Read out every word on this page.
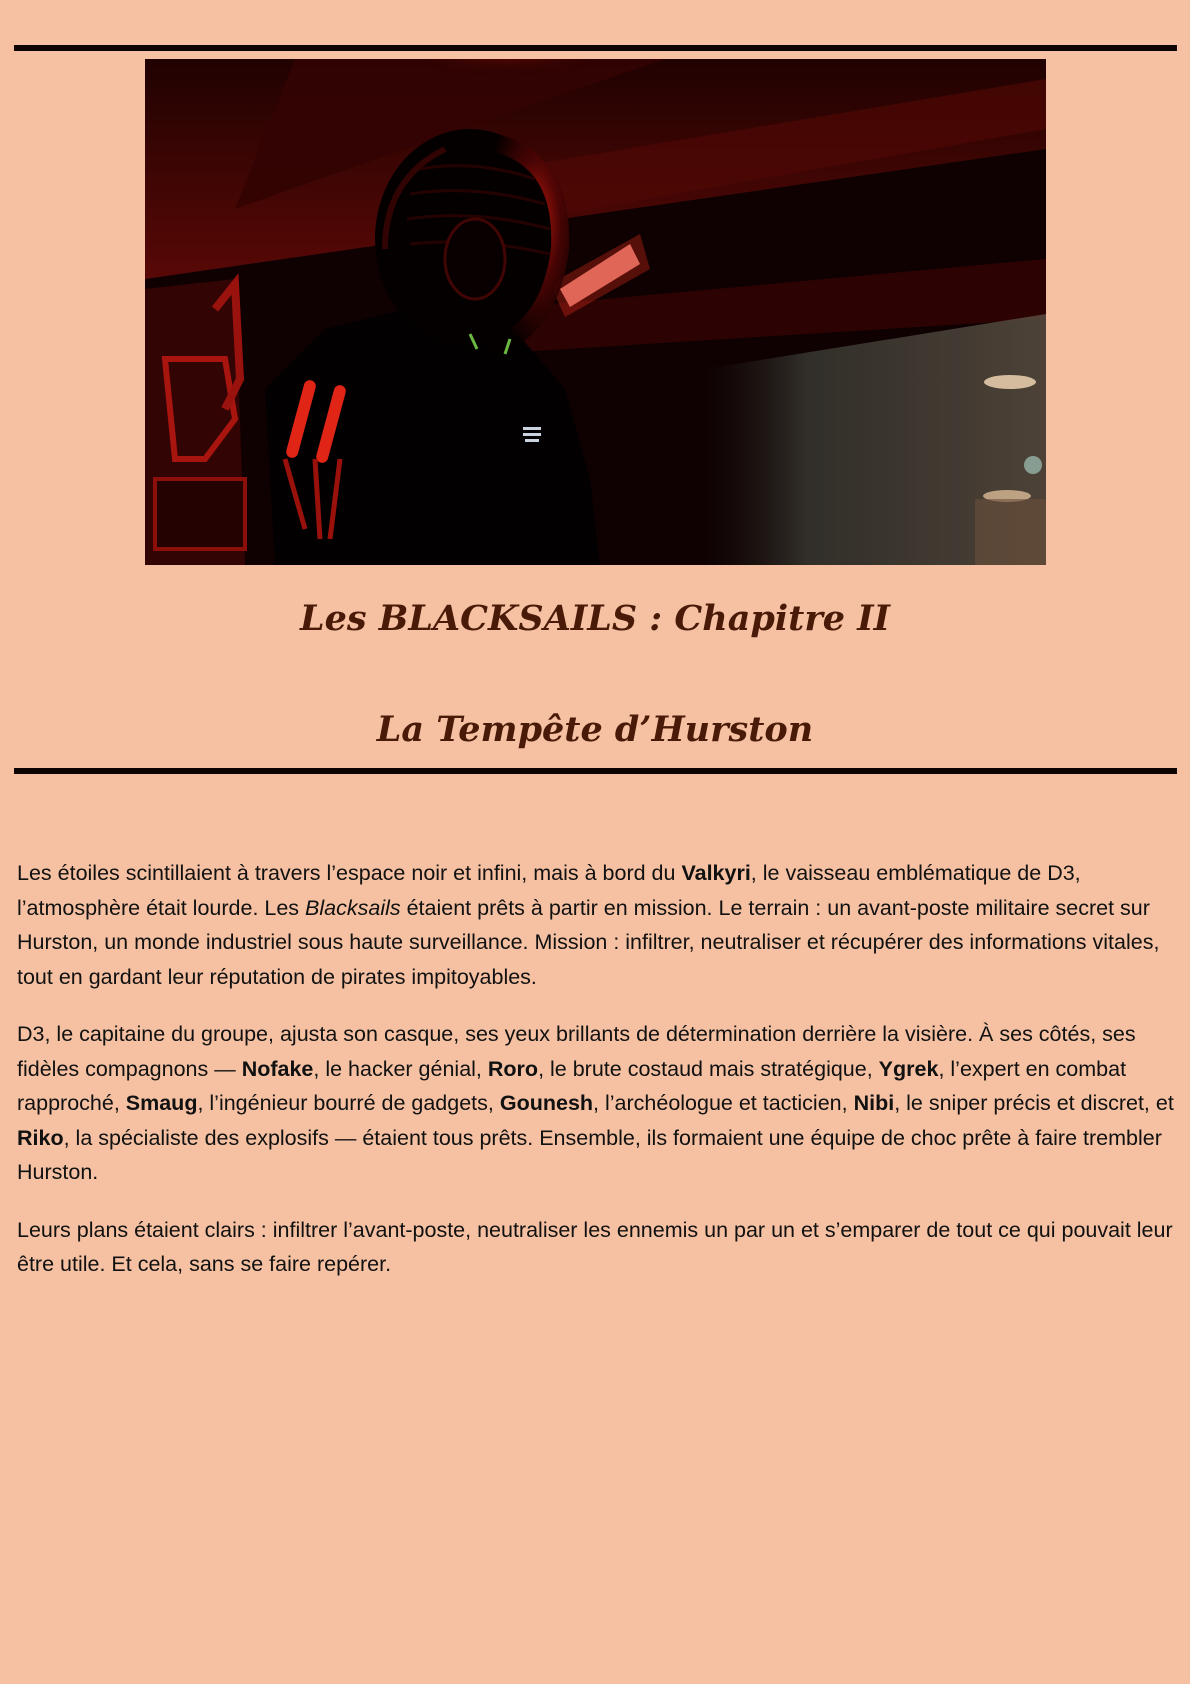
Les BLACKSAILS : Chapitre II
La Tempête d’Hurston

Les étoiles scintillaient à travers l’espace noir et infini, mais à bord du Valkyri, le vaisseau emblématique de D3, l’atmosphère était lourde. Les Blacksails étaient prêts à partir en mission. Le terrain : un avant-poste militaire secret sur Hurston, un monde industriel sous haute surveillance. Mission : infiltrer, neutraliser et récupérer des informations vitales, tout en gardant leur réputation de pirates impitoyables.

D3, le capitaine du groupe, ajusta son casque, ses yeux brillants de détermination derrière la visière. À ses côtés, ses fidèles compagnons — Nofake, le hacker génial, Roro, le brute costaud mais stratégique, Ygrek, l’expert en combat rapproché, Smaug, l’ingénieur bourré de gadgets, Gounesh, l’archéologue et tacticien, Nibi, le sniper précis et discret, et Riko, la spécialiste des explosifs — étaient tous prêts. Ensemble, ils formaient une équipe de choc prête à faire trembler Hurston.

Leurs plans étaient clairs : infiltrer l’avant-poste, neutraliser les ennemis un par un et s’emparer de tout ce qui pouvait leur être utile. Et cela, sans se faire repérer.
